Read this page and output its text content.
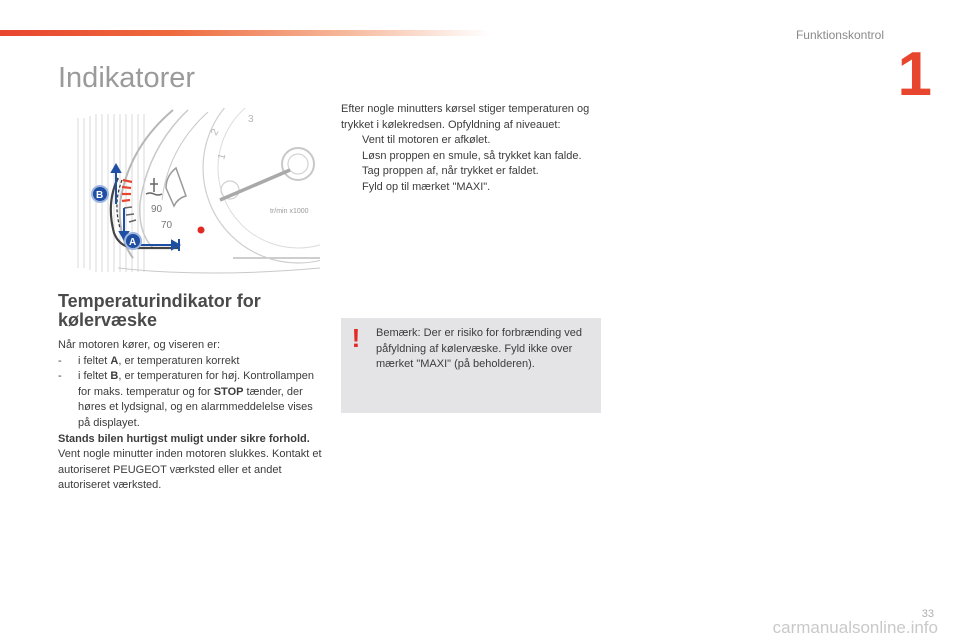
Funktionskontrol
1
Indikatorer
2
1
3
tr/min x1000
90
70
B
A
Temperaturindikator for kølervæske

Når motoren kører, og viseren er:

-	i feltet A, er temperaturen korrekt
-	i feltet B, er temperaturen for høj. Kontrollampen for maks. temperatur og for STOP tænder, der høres et lydsignal, og en alarmmeddelelse vises på displayet.

Stands bilen hurtigst muligt under sikre forhold.

Vent nogle minutter inden motoren slukkes. Kontakt et autoriseret PEUGEOT værksted eller et andet autoriseret værksted.

Efter nogle minutters kørsel stiger temperaturen og trykket i kølekredsen. Opfyldning af niveauet:

Vent til motoren er afkølet.
Løsn proppen en smule, så trykket kan falde.
Tag proppen af, når trykket er faldet.
Fyld op til mærket "MAXI".
! Bemærk: Der er risiko for forbrænding ved påfyldning af kølervæske. Fyld ikke over mærket "MAXI" (på beholderen).
33
carmanualsonline.info
